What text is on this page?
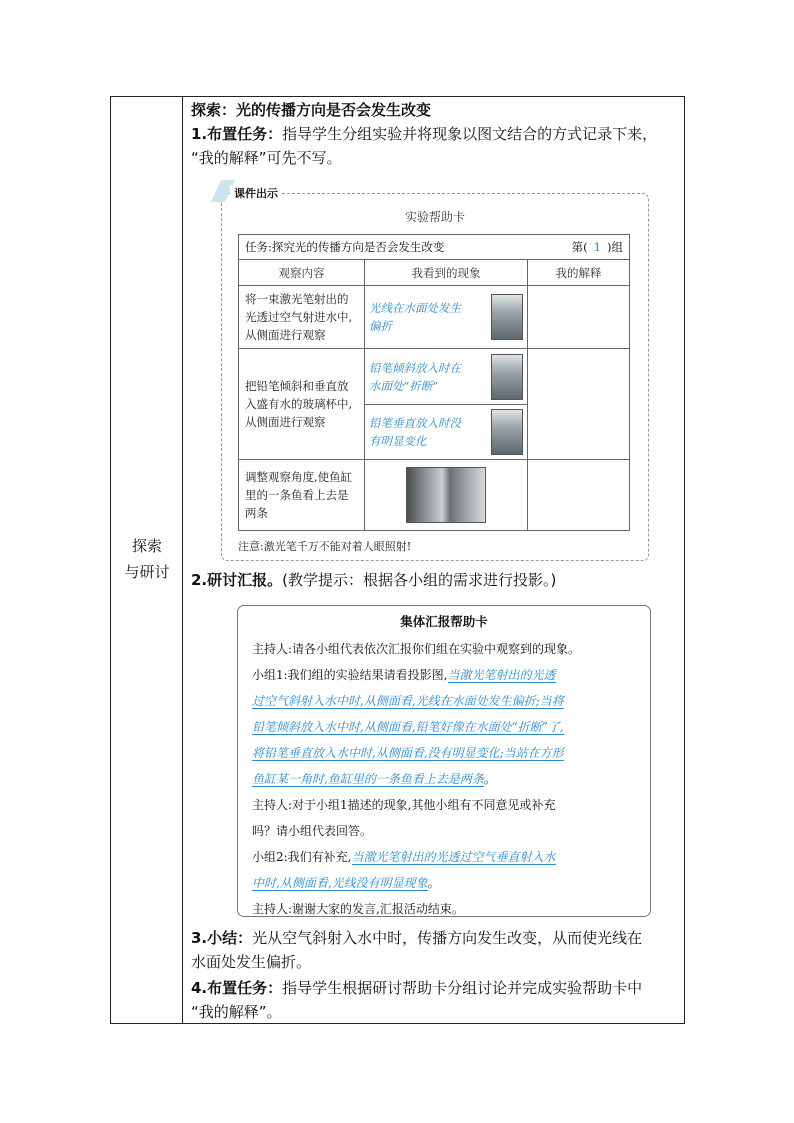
探索
与研讨
探索：光的传播方向是否会发生改变
1.布置任务：指导学生分组实验并将现象以图文结合的方式记录下来，
“我的解释”可先不写。
课件出示
实验帮助卡
任务:探究光的传播方向是否会发生改变 第( 1 )组		

观察内容	我看到的现象	我的解释
将一束激光笔射出的光透过空气射进水中,从侧面进行观察	光线在水面处发生偏折	

把铅笔倾斜和垂直放入盛有水的玻璃杯中,从侧面进行观察	铅笔倾斜放入时在水面处“折断”	

	铅笔垂直放入时没有明显变化	

调整观察角度,使鱼缸里的一条鱼看上去是两条		
注意:激光笔千万不能对着人眼照射!
2.研讨汇报。(教学提示：根据各小组的需求进行投影。)
集体汇报帮助卡
主持人:请各小组代表依次汇报你们组在实验中观察到的现象。
小组1:我们组的实验结果请看投影图,当激光笔射出的光透
过空气斜射入水中时,从侧面看,光线在水面处发生偏折;当将
铅笔倾斜放入水中时,从侧面看,铅笔好像在水面处“折断”了,
将铅笔垂直放入水中时,从侧面看,没有明显变化;当站在方形
鱼缸某一角时,鱼缸里的一条鱼看上去是两条。
主持人:对于小组1描述的现象,其他小组有不同意见或补充
吗？请小组代表回答。
小组2:我们有补充,当激光笔射出的光透过空气垂直射入水
中时,从侧面看,光线没有明显现象。
主持人:谢谢大家的发言,汇报活动结束。
3.小结：光从空气斜射入水中时，传播方向发生改变，从而使光线在
水面处发生偏折。
4.布置任务：指导学生根据研讨帮助卡分组讨论并完成实验帮助卡中
“我的解释”。
